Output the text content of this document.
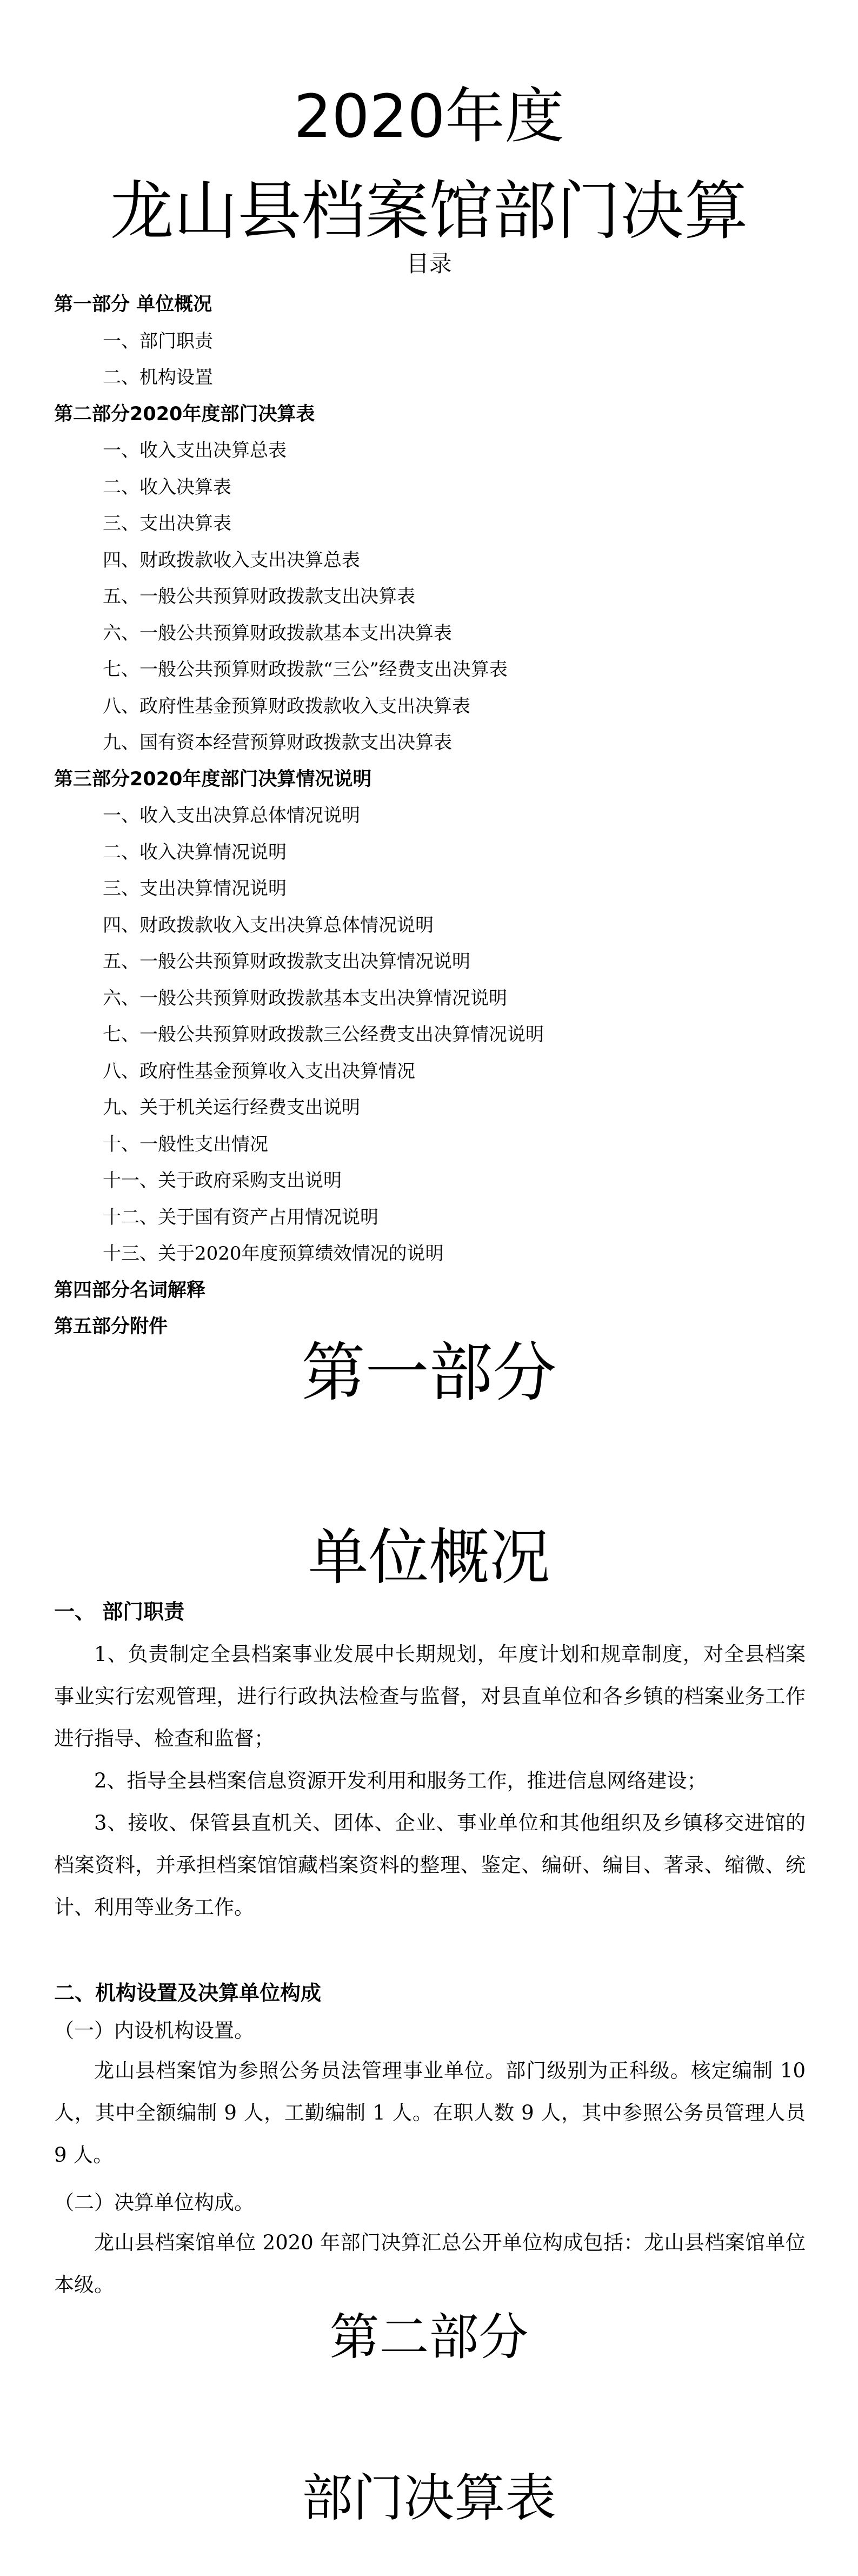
2020年度
龙山县档案馆部门决算
目录
第一部分 单位概况
一、部门职责
二、机构设置
第二部分2020年度部门决算表
一、收入支出决算总表
二、收入决算表
三、支出决算表
四、财政拨款收入支出决算总表
五、一般公共预算财政拨款支出决算表
六、一般公共预算财政拨款基本支出决算表
七、一般公共预算财政拨款“三公”经费支出决算表
八、政府性基金预算财政拨款收入支出决算表
九、国有资本经营预算财政拨款支出决算表
第三部分2020年度部门决算情况说明
一、收入支出决算总体情况说明
二、收入决算情况说明
三、支出决算情况说明
四、财政拨款收入支出决算总体情况说明
五、一般公共预算财政拨款支出决算情况说明
六、一般公共预算财政拨款基本支出决算情况说明
七、一般公共预算财政拨款三公经费支出决算情况说明
八、政府性基金预算收入支出决算情况
九、关于机关运行经费支出说明
十、一般性支出情况
十一、关于政府采购支出说明
十二、关于国有资产占用情况说明
十三、关于2020年度预算绩效情况的说明
第四部分名词解释
第五部分附件
第一部分
单位概况
一、 部门职责

1、负责制定全县档案事业发展中长期规划，年度计划和规章制度，对全县档案事业实行宏观管理，进行行政执法检查与监督，对县直单位和各乡镇的档案业务工作进行指导、检查和监督；

2、指导全县档案信息资源开发利用和服务工作，推进信息网络建设；

3、接收、保管县直机关、团体、企业、事业单位和其他组织及乡镇移交进馆的档案资料，并承担档案馆馆藏档案资料的整理、鉴定、编研、编目、著录、缩微、统计、利用等业务工作。

二、机构设置及决算单位构成
（一）内设机构设置。

龙山县档案馆为参照公务员法管理事业单位。部门级别为正科级。核定编制 10 人，其中全额编制 9 人，工勤编制 1 人。在职人数 9 人，其中参照公务员管理人员 9 人。

（二）决算单位构成。

龙山县档案馆单位 2020 年部门决算汇总公开单位构成包括：龙山县档案馆单位本级。

第二部分
部门决算表
